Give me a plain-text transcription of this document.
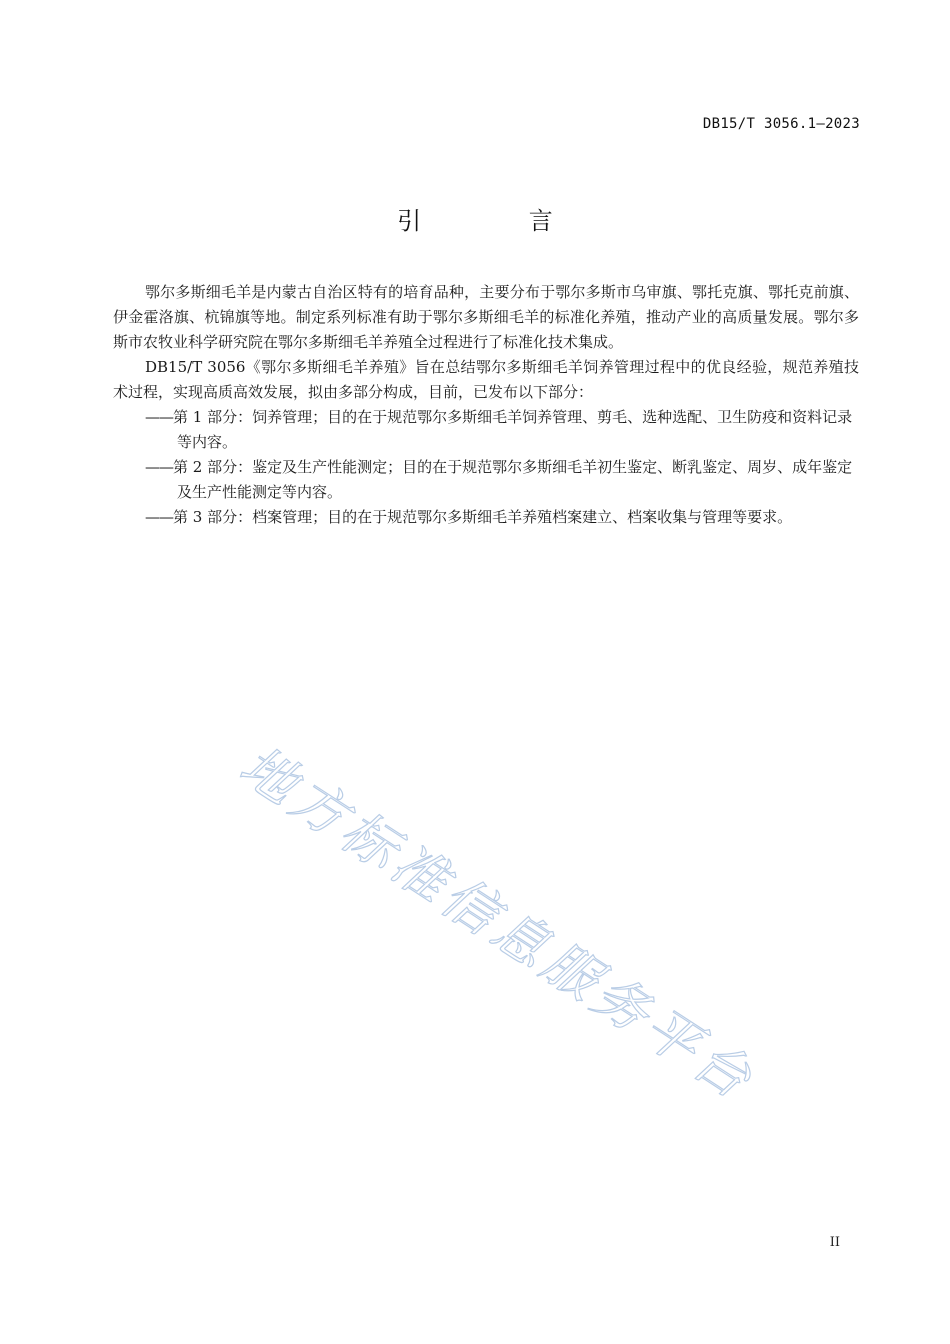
DB15/T 3056.1—2023
引 言

鄂尔多斯细毛羊是内蒙古自治区特有的培育品种，主要分布于鄂尔多斯市乌审旗、鄂托克旗、鄂托克前旗、伊金霍洛旗、杭锦旗等地。制定系列标准有助于鄂尔多斯细毛羊的标准化养殖，推动产业的高质量发展。鄂尔多斯市农牧业科学研究院在鄂尔多斯细毛羊养殖全过程进行了标准化技术集成。

DB15/T 3056《鄂尔多斯细毛羊养殖》旨在总结鄂尔多斯细毛羊饲养管理过程中的优良经验，规范养殖技术过程，实现高质高效发展，拟由多部分构成，目前，已发布以下部分：

——第 1 部分：饲养管理；目的在于规范鄂尔多斯细毛羊饲养管理、剪毛、选种选配、卫生防疫和资料记录等内容。
——第 2 部分：鉴定及生产性能测定；目的在于规范鄂尔多斯细毛羊初生鉴定、断乳鉴定、周岁、成年鉴定及生产性能测定等内容。
——第 3 部分：档案管理；目的在于规范鄂尔多斯细毛羊养殖档案建立、档案收集与管理等要求。
地方标准信息服务平台
II
